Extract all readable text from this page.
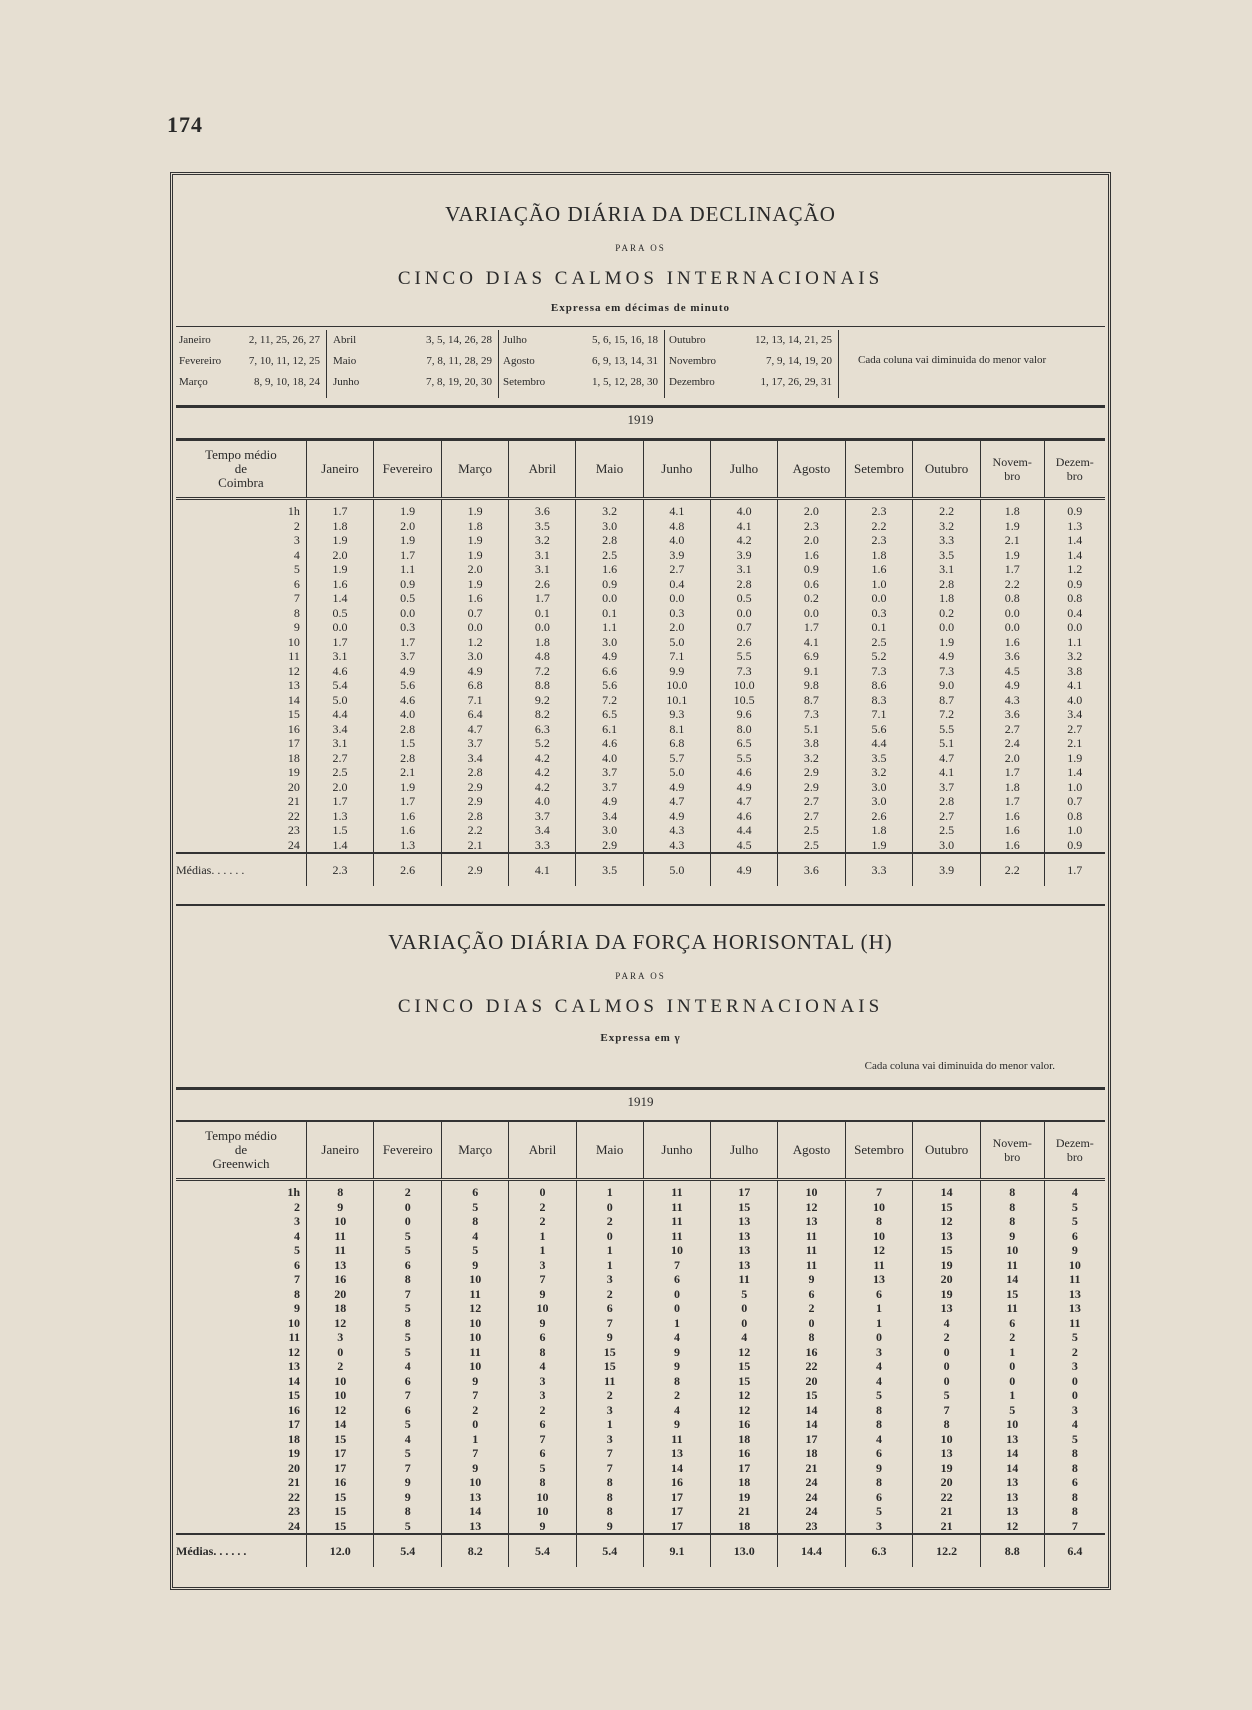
174
VARIAÇÃO DIÁRIA DA DECLINAÇÃO
PARA OS
CINCO DIAS CALMOS INTERNACIONAIS
Expressa em décimas de minuto
Janeiro	2, 11, 25, 26, 27
Fevereiro	7, 10, 11, 12, 25
Março	8, 9, 10, 18, 24
Abril	3, 5, 14, 26, 28
Maio	7, 8, 11, 28, 29
Junho	7, 8, 19, 20, 30
Julho	5, 6, 15, 16, 18
Agosto	6, 9, 13, 14, 31
Setembro	1, 5, 12, 28, 30
Outubro	12, 13, 14, 21, 25
Novembro	7, 9, 14, 19, 20
Dezembro	1, 17, 26, 29, 31
Cada coluna vai diminuida do menor valor
1919
Tempo médio
de
Coimbra	Janeiro	Fevereiro	Março	Abril	Maio	Junho	Julho	Agosto	Setembro	Outubro	Novem-bro	Dezem-bro
1h	1.7	1.9	1.9	3.6	3.2	4.1	4.0	2.0	2.3	2.2	1.8	0.9
2	1.8	2.0	1.8	3.5	3.0	4.8	4.1	2.3	2.2	3.2	1.9	1.3
3	1.9	1.9	1.9	3.2	2.8	4.0	4.2	2.0	2.3	3.3	2.1	1.4
4	2.0	1.7	1.9	3.1	2.5	3.9	3.9	1.6	1.8	3.5	1.9	1.4
5	1.9	1.1	2.0	3.1	1.6	2.7	3.1	0.9	1.6	3.1	1.7	1.2
6	1.6	0.9	1.9	2.6	0.9	0.4	2.8	0.6	1.0	2.8	2.2	0.9
7	1.4	0.5	1.6	1.7	0.0	0.0	0.5	0.2	0.0	1.8	0.8	0.8
8	0.5	0.0	0.7	0.1	0.1	0.3	0.0	0.0	0.3	0.2	0.0	0.4
9	0.0	0.3	0.0	0.0	1.1	2.0	0.7	1.7	0.1	0.0	0.0	0.0
10	1.7	1.7	1.2	1.8	3.0	5.0	2.6	4.1	2.5	1.9	1.6	1.1
11	3.1	3.7	3.0	4.8	4.9	7.1	5.5	6.9	5.2	4.9	3.6	3.2
12	4.6	4.9	4.9	7.2	6.6	9.9	7.3	9.1	7.3	7.3	4.5	3.8
13	5.4	5.6	6.8	8.8	5.6	10.0	10.0	9.8	8.6	9.0	4.9	4.1
14	5.0	4.6	7.1	9.2	7.2	10.1	10.5	8.7	8.3	8.7	4.3	4.0
15	4.4	4.0	6.4	8.2	6.5	9.3	9.6	7.3	7.1	7.2	3.6	3.4
16	3.4	2.8	4.7	6.3	6.1	8.1	8.0	5.1	5.6	5.5	2.7	2.7
17	3.1	1.5	3.7	5.2	4.6	6.8	6.5	3.8	4.4	5.1	2.4	2.1
18	2.7	2.8	3.4	4.2	4.0	5.7	5.5	3.2	3.5	4.7	2.0	1.9
19	2.5	2.1	2.8	4.2	3.7	5.0	4.6	2.9	3.2	4.1	1.7	1.4
20	2.0	1.9	2.9	4.2	3.7	4.9	4.9	2.9	3.0	3.7	1.8	1.0
21	1.7	1.7	2.9	4.0	4.9	4.7	4.7	2.7	3.0	2.8	1.7	0.7
22	1.3	1.6	2.8	3.7	3.4	4.9	4.6	2.7	2.6	2.7	1.6	0.8
23	1.5	1.6	2.2	3.4	3.0	4.3	4.4	2.5	1.8	2.5	1.6	1.0
24	1.4	1.3	2.1	3.3	2.9	4.3	4.5	2.5	1.9	3.0	1.6	0.9
Médias. . . . . .	2.3	2.6	2.9	4.1	3.5	5.0	4.9	3.6	3.3	3.9	2.2	1.7
VARIAÇÃO DIÁRIA DA FORÇA HORISONTAL (H)
PARA OS
CINCO DIAS CALMOS INTERNACIONAIS
Expressa em γ
Cada coluna vai diminuida do menor valor.
1919
Tempo médio
de
Greenwich	Janeiro	Fevereiro	Março	Abril	Maio	Junho	Julho	Agosto	Setembro	Outubro	Novem-bro	Dezem-bro
1h	8	2	6	0	1	11	17	10	7	14	8	4
2	9	0	5	2	0	11	15	12	10	15	8	5
3	10	0	8	2	2	11	13	13	8	12	8	5
4	11	5	4	1	0	11	13	11	10	13	9	6
5	11	5	5	1	1	10	13	11	12	15	10	9
6	13	6	9	3	1	7	13	11	11	19	11	10
7	16	8	10	7	3	6	11	9	13	20	14	11
8	20	7	11	9	2	0	5	6	6	19	15	13
9	18	5	12	10	6	0	0	2	1	13	11	13
10	12	8	10	9	7	1	0	0	1	4	6	11
11	3	5	10	6	9	4	4	8	0	2	2	5
12	0	5	11	8	15	9	12	16	3	0	1	2
13	2	4	10	4	15	9	15	22	4	0	0	3
14	10	6	9	3	11	8	15	20	4	0	0	0
15	10	7	7	3	2	2	12	15	5	5	1	0
16	12	6	2	2	3	4	12	14	8	7	5	3
17	14	5	0	6	1	9	16	14	8	8	10	4
18	15	4	1	7	3	11	18	17	4	10	13	5
19	17	5	7	6	7	13	16	18	6	13	14	8
20	17	7	9	5	7	14	17	21	9	19	14	8
21	16	9	10	8	8	16	18	24	8	20	13	6
22	15	9	13	10	8	17	19	24	6	22	13	8
23	15	8	14	10	8	17	21	24	5	21	13	8
24	15	5	13	9	9	17	18	23	3	21	12	7
Médias. . . . . .	12.0	5.4	8.2	5.4	5.4	9.1	13.0	14.4	6.3	12.2	8.8	6.4
